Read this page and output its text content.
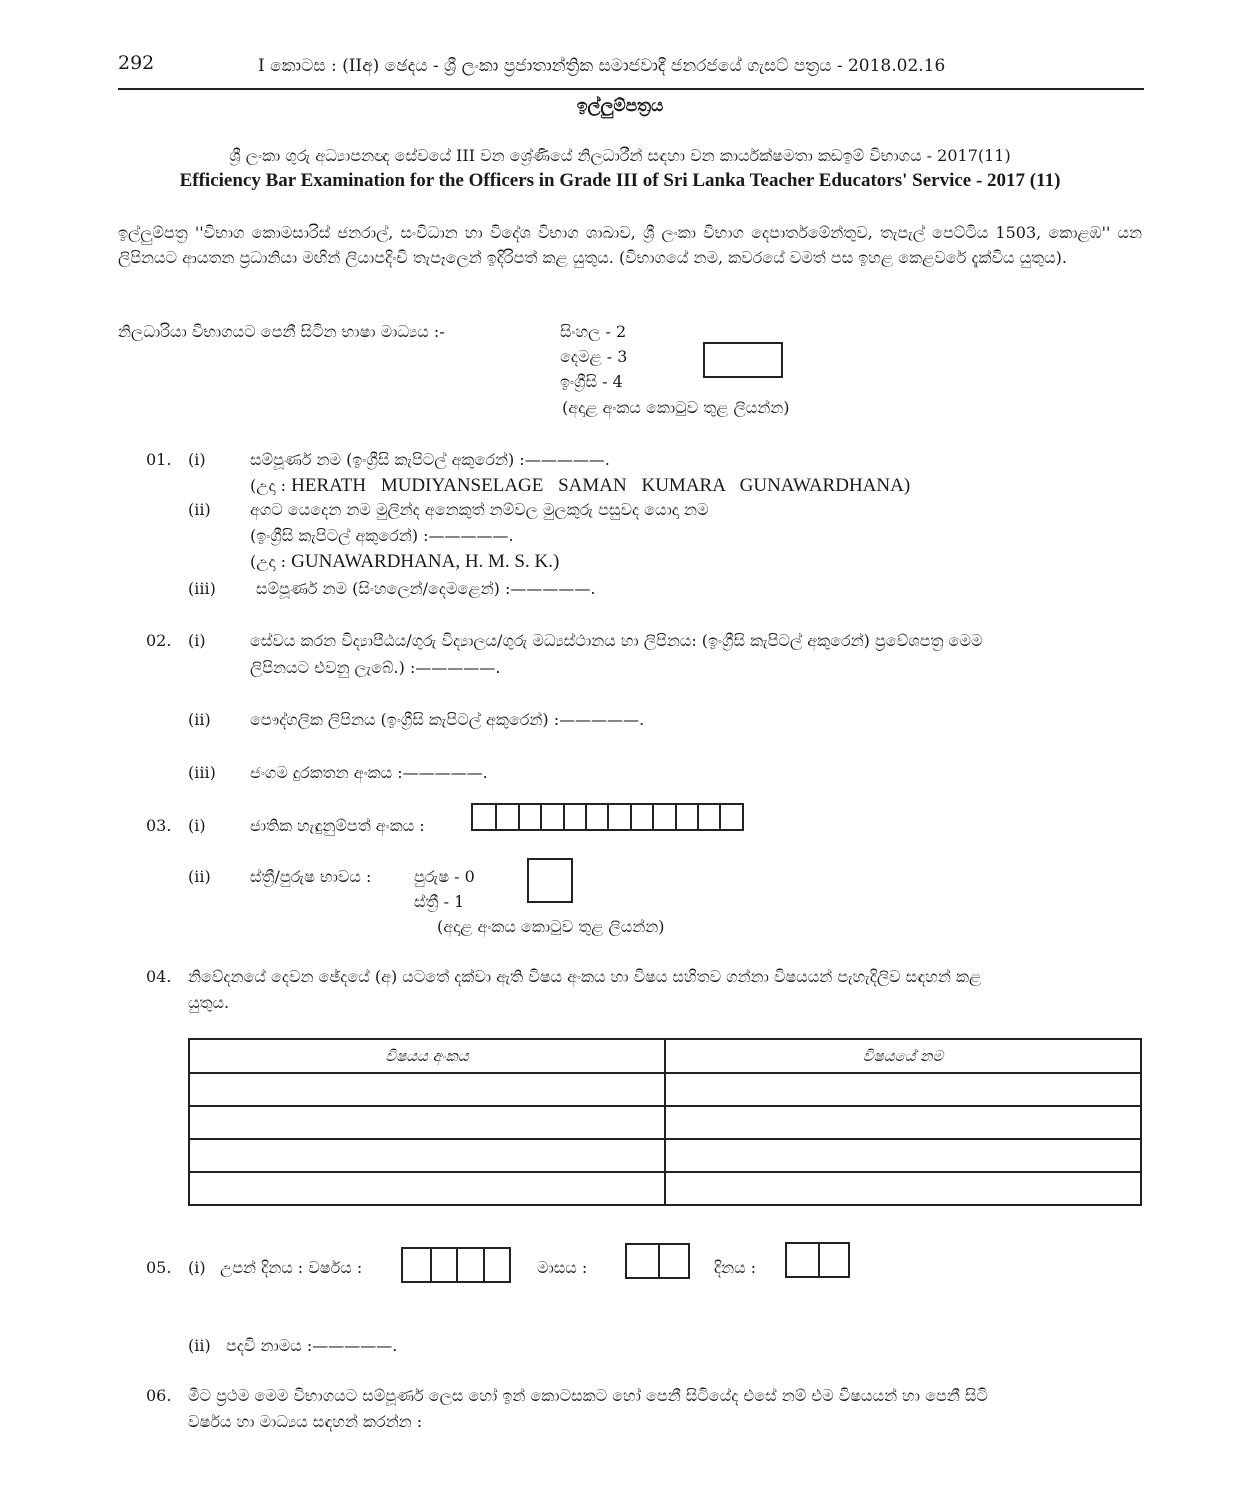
292	I කොටස : (IIඅ) ඡෙදය - ශ්‍රී ලංකා ප්‍රජාතාන්ත්‍රික සමාජවාදී ජනරජයේ ගැසට් පත්‍රය - 2018.02.16
ඉල්ලුම්පත්‍රය
ශ්‍රී ලංකා ගුරු අධ්‍යාපනඥ සේවයේ III වන ශ්‍රේණියේ නිලධාරීන් සඳහා වන කාර්යක්ෂමතා කඩඉම් විභාගය - 2017(11)
Efficiency Bar Examination for the Officers in Grade III of Sri Lanka Teacher Educators' Service - 2017 (11)
ඉල්ලුම්පත්‍ර ''විභාග කොමසාරිස් ජනරාල්, සංවිධාන හා විදේශ විභාග ශාඛාව, ශ්‍රී ලංකා විභාග දෙපාර්තමේන්තුව, තැපැල් පෙට්ටිය 1503, කොළඹ'' යන ලිපිනයට ආයතන ප්‍රධානියා මඟින් ලියාපදිංචි තැපෑලෙන් ඉදිරිපත් කළ යුතුය. (විභාගයේ නම, කවරයේ වමත් පස ඉහළ කෙළවරේ දැක්විය යුතුය).
නිලධාරියා විභාගයට පෙනී සිටින භාෂා මාධ්‍යය :-	සිංහල - 2
දෙමළ - 3
ඉංග්‍රීසි - 4
(අදාළ අංකය කොටුව තුළ ලියන්න)
01. (i)	සම්පූර්ණ නම (ඉංග්‍රීසි කැපිටල් අකුරෙන්) :—————.
(උදා : HERATH MUDIYANSELAGE SAMAN KUMARA GUNAWARDHANA)
(ii) අගට යෙදෙන නම මුලින්ද අනෙකුත් නම්වල මුලකුරු පසුවද යොදා නම
(ඉංග්‍රීසි කැපිටල් අකුරෙන්) :—————.
(උදා : GUNAWARDHANA, H. M. S. K.)
(iii)	සම්පූර්ණ නම (සිංහලෙන්/දෙමළෙන්) :—————.
02. (i)	සේවය කරන විද්‍යාපීඨය/ගුරු විද්‍යාලය/ගුරු මධ්‍යස්ථානය හා ලිපිනය: (ඉංග්‍රීසි කැපිටල් අකුරෙන්) ප්‍රවේශපත්‍ර මෙම
ලිපිනයට එවනු ලැබේ.) :—————.
(ii) පෞද්ගලික ලිපිනය (ඉංග්‍රීසි කැපිටල් අකුරෙන්) :—————.
(iii) ජංගම දුරකතන අංකය :—————.
03. (i)	ජාතික හැඳුනුම්පත් අංකය :
(ii) ස්ත්‍රී/පුරුෂ භාවය :	පුරුෂ - 0
ස්ත්‍රී - 1
(අදාළ අංකය කොටුව තුළ ලියන්න)
04. නිවේදනයේ දෙවන ඡේදයේ (අ) යටතේ දක්වා ඇති විෂය අංකය හා විෂය සහිතව ගන්නා විෂයයන් පැහැදිලිව සඳහන් කළ
යුතුය.
විෂයය අංකය	විෂයයේ නම

05. (i) උපන් දිනය : වර්ෂය :	මාසය :	දිනය :
(ii) පදවි නාමය :—————.
06. මීට ප්‍රථම මෙම විභාගයට සම්පූර්ණ ලෙස හෝ ඉන් කොටසකට හෝ පෙනී සිටියේද එසේ නම් එම විෂයයන් හා පෙනී සිටි
වර්ෂය හා මාධ්‍යය සඳහන් කරන්න :
